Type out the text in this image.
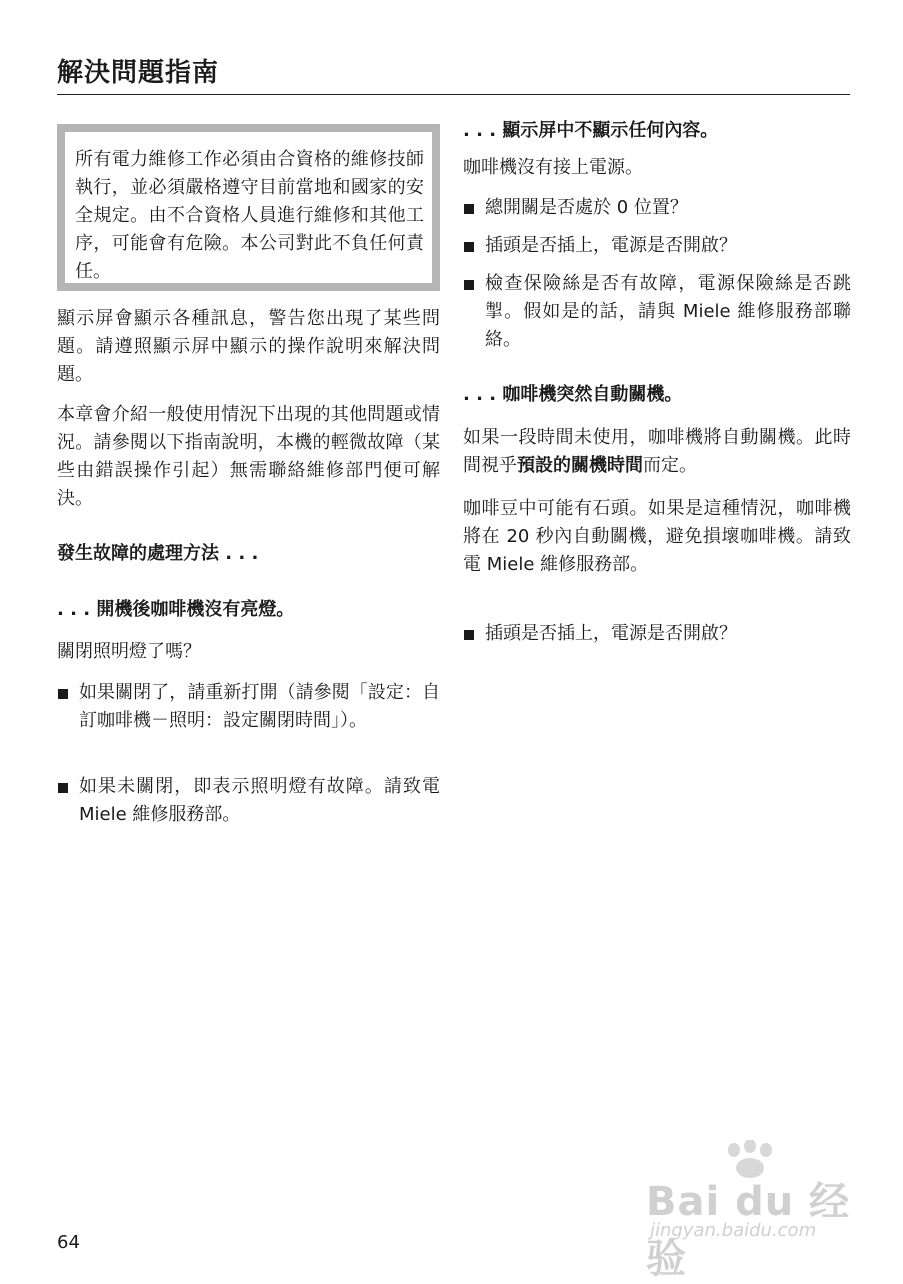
解決問題指南
所有電力維修工作必須由合資格的維修技師執行，並必須嚴格遵守目前當地和國家的安全規定。由不合資格人員進行維修和其他工序，可能會有危險。本公司對此不負任何責任。

顯示屏會顯示各種訊息，警告您出現了某些問題。請遵照顯示屏中顯示的操作說明來解決問題。

本章會介紹一般使用情況下出現的其他問題或情況。請參閱以下指南說明，本機的輕微故障（某些由錯誤操作引起）無需聯絡維修部門便可解決。

發生故障的處理方法 . . .

. . . 開機後咖啡機沒有亮燈。

關閉照明燈了嗎？

如果關閉了，請重新打開（請參閱「設定：自訂咖啡機－照明：設定關閉時間」）。
如果未關閉，即表示照明燈有故障。請致電 Miele 維修服務部。

. . . 顯示屏中不顯示任何內容。

咖啡機沒有接上電源。

總開關是否處於 0 位置？
插頭是否插上，電源是否開啟？
檢查保險絲是否有故障，電源保險絲是否跳掣。假如是的話，請與 Miele 維修服務部聯絡。

. . . 咖啡機突然自動關機。

如果一段時間未使用，咖啡機將自動關機。此時間視乎預設的關機時間而定。

咖啡豆中可能有石頭。如果是這種情況，咖啡機將在 20 秒內自動關機，避免損壞咖啡機。請致電 Miele 維修服務部。

插頭是否插上，電源是否開啟？
64
Bai du 经验
jingyan.baidu.com
